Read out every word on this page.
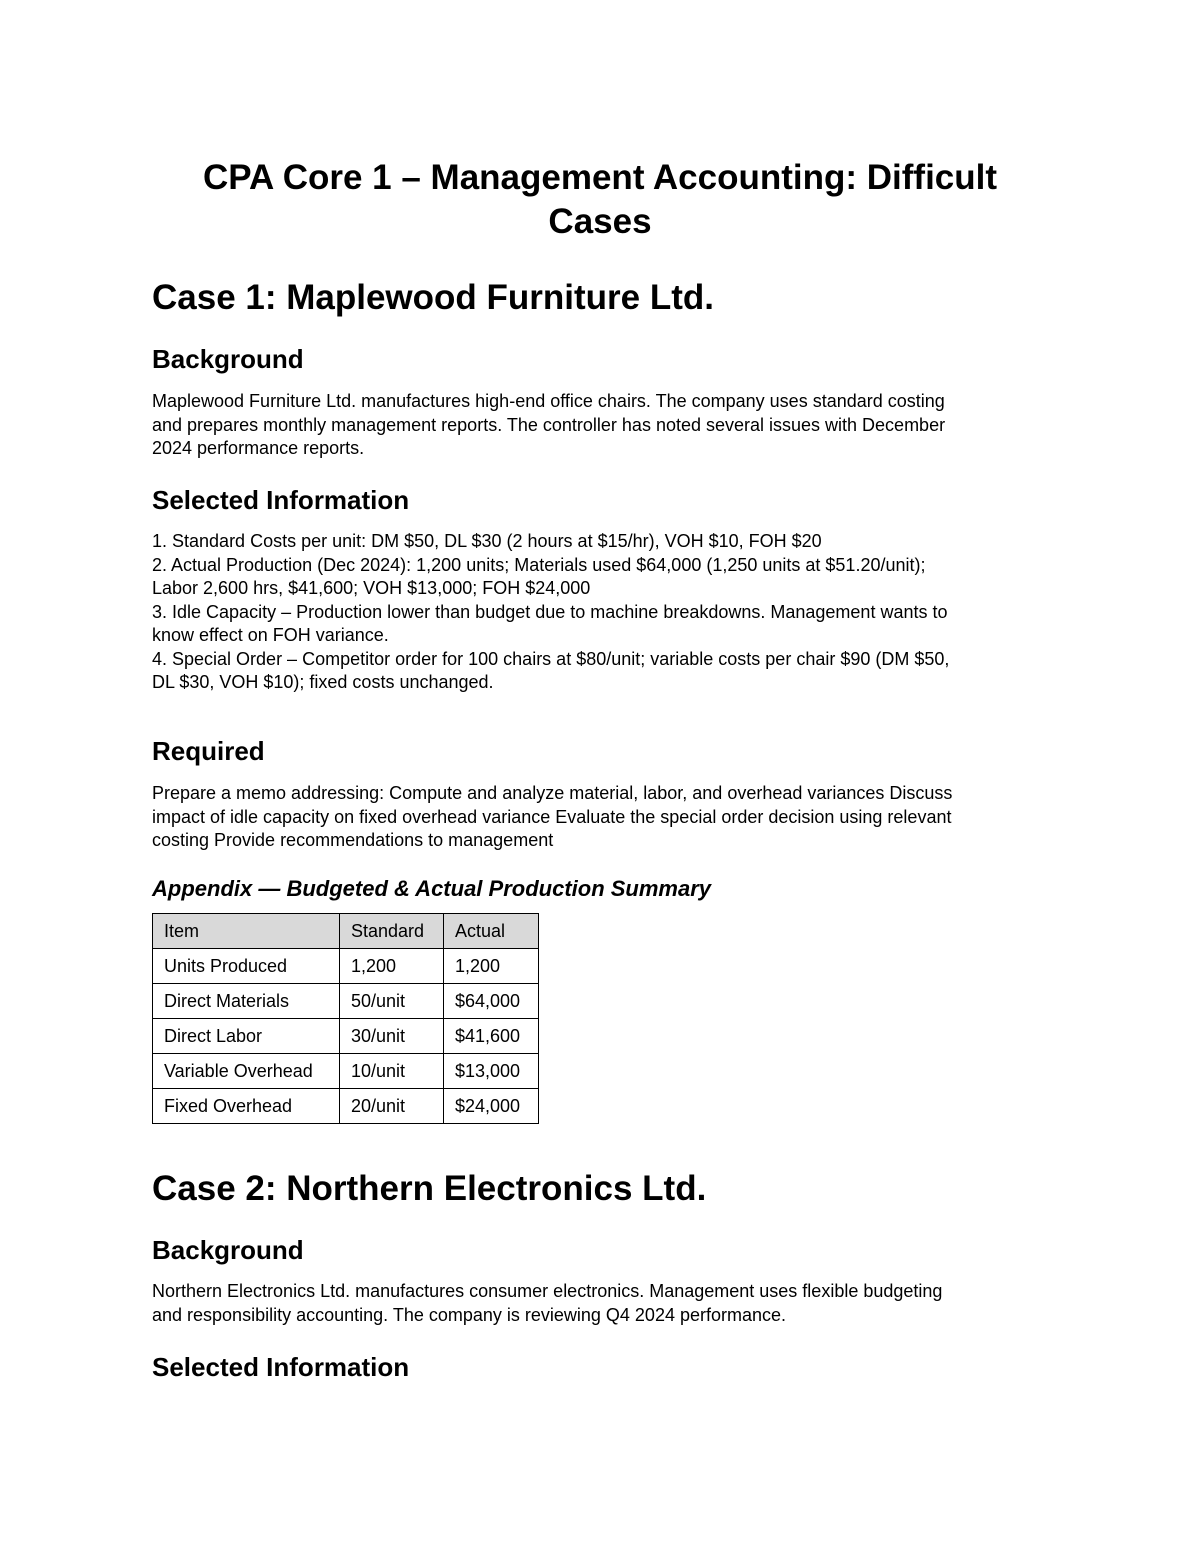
CPA Core 1 – Management Accounting: Difficult
Cases
Case 1: Maplewood Furniture Ltd.
Background

Maplewood Furniture Ltd. manufactures high-end office chairs. The company uses standard costing
and prepares monthly management reports. The controller has noted several issues with December
2024 performance reports.

Selected Information

1. Standard Costs per unit: DM $50, DL $30 (2 hours at $15/hr), VOH $10, FOH $20
2. Actual Production (Dec 2024): 1,200 units; Materials used $64,000 (1,250 units at $51.20/unit);
Labor 2,600 hrs, $41,600; VOH $13,000; FOH $24,000
3. Idle Capacity – Production lower than budget due to machine breakdowns. Management wants to
know effect on FOH variance.
4. Special Order – Competitor order for 100 chairs at $80/unit; variable costs per chair $90 (DM $50,
DL $30, VOH $10); fixed costs unchanged.

Required

Prepare a memo addressing: Compute and analyze material, labor, and overhead variances Discuss
impact of idle capacity on fixed overhead variance Evaluate the special order decision using relevant
costing Provide recommendations to management

Appendix — Budgeted & Actual Production Summary
Item	Standard	Actual
Units Produced	1,200	1,200
Direct Materials	50/unit	$64,000
Direct Labor	30/unit	$41,600
Variable Overhead	10/unit	$13,000
Fixed Overhead	20/unit	$24,000
Case 2: Northern Electronics Ltd.
Background

Northern Electronics Ltd. manufactures consumer electronics. Management uses flexible budgeting
and responsibility accounting. The company is reviewing Q4 2024 performance.

Selected Information
